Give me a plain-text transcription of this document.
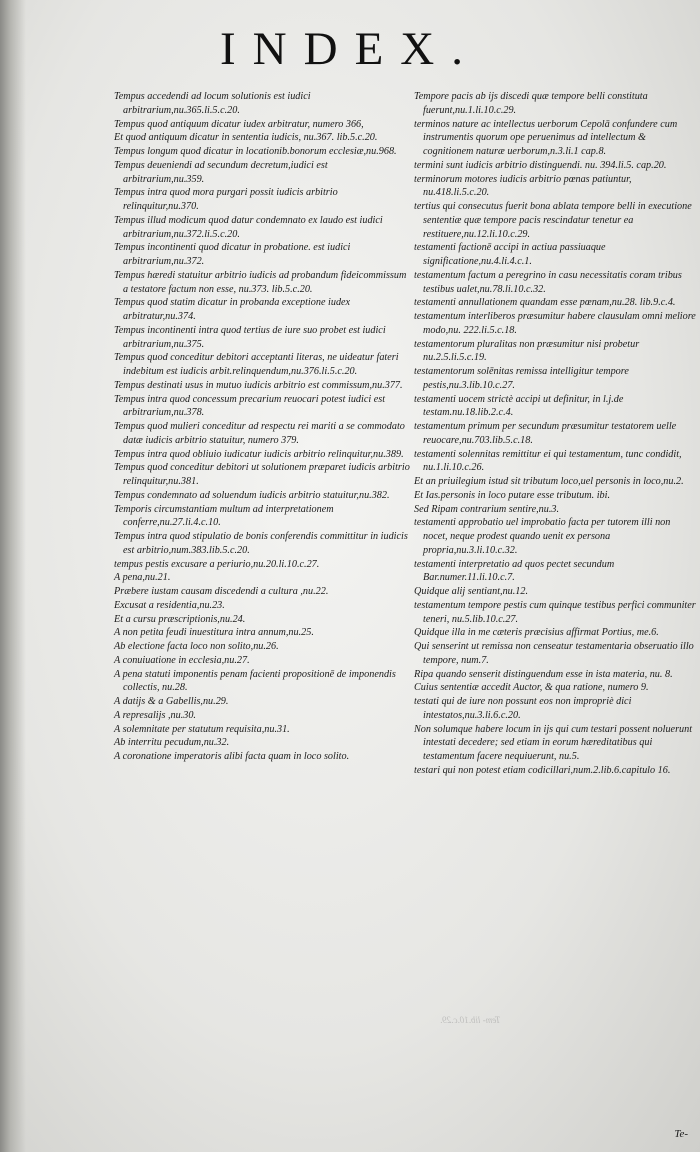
INDEX.

Tempus accedendi ad locum solutionis est iudici arbitrarium,nu.365.li.5.c.20.

Tempus quod antiquum dicatur iudex arbitratur, numero 366,

Et quod antiquum dicatur in sententia iudicis, nu.367. lib.5.c.20.

Tempus longum quod dicatur in locationib.bonorum ecclesiæ,nu.968.

Tempus deueniendi ad secundum decretum,iudici est arbitrarium,nu.359.

Tempus intra quod mora purgari possit iudicis arbitrio relinquitur,nu.370.

Tempus illud modicum quod datur condemnato ex laudo est iudici arbitrarium,nu.372.li.5.c.20.

Tempus incontinenti quod dicatur in probatione. est iudici arbitrarium,nu.372.

Tempus hæredi statuitur arbitrio iudicis ad probandum fideicommissum a testatore factum non esse, nu.373. lib.5.c.20.

Tempus quod statim dicatur in probanda exceptione iudex arbitratur,nu.374.

Tempus incontinenti intra quod tertius de iure suo probet est iudici arbitrarium,nu.375.

Tempus quod conceditur debitori acceptanti literas, ne uideatur fateri indebitum est iudicis arbit.relinquendum,nu.376.li.5.c.20.

Tempus destinati usus in mutuo iudicis arbitrio est commissum,nu.377.

Tempus intra quod concessum precarium reuocari potest iudici est arbitrarium,nu.378.

Tempus quod mulieri conceditur ad respectu rei mariti a se commodato datæ iudicis arbitrio statuitur, numero 379.

Tempus intra quod obliuio iudicatur iudicis arbitrio relinquitur,nu.389.

Tempus quod conceditur debitori ut solutionem præparet iudicis arbitrio relinquitur,nu.381.

Tempus condemnato ad soluendum iudicis arbitrio statuitur,nu.382.

Temporis circumstantiam multum ad interpretationem conferre,nu.27.li.4.c.10.

Tempus intra quod stipulatio de bonis conferendis committitur in iudicis est arbitrio,num.383.lib.5.c.20.

tempus pestis excusare a periurio,nu.20.li.10.c.27.

A pena,nu.21.

Præbere iustam causam discedendi a cultura ,nu.22.

Excusat a residentia,nu.23.

Et a cursu præscriptionis,nu.24.

A non petita feudi inuestitura intra annum,nu.25.

Ab electione facta loco non solito,nu.26.

A conuiuatione in ecclesia,nu.27.

A pena statuti imponentis penam facienti propositionē de imponendis collectis, nu.28.

A datijs & a Gabellis,nu.29.

A represalijs ,nu.30.

A solemnitate per statutum requisita,nu.31.

Ab interritu pecudum,nu.32.

A coronatione imperatoris alibi facta quam in loco solito.

Tempore pacis ab ijs discedi quæ tempore belli constituta fuerunt,nu.1.li.10.c.29.

terminos nature ac intellectus uerborum Cepolā confundere cum instrumentis quorum ope peruenimus ad intellectum & cognitionem naturæ uerborum,n.3.li.1 cap.8.

termini sunt iudicis arbitrio distinguendi. nu. 394.li.5. cap.20.

terminorum motores iudicis arbitrio pœnas patiuntur, nu.418.li.5.c.20.

tertius qui consecutus fuerit bona ablata tempore belli in executione sententiæ quæ tempore pacis rescindatur tenetur ea restituere,nu.12.li.10.c.29.

testamenti factionē accipi in actiua passiuaque significatione,nu.4.li.4.c.1.

testamentum factum a peregrino in casu necessitatis coram tribus testibus ualet,nu.78.li.10.c.32.

testamenti annullationem quandam esse pœnam,nu.28. lib.9.c.4.

testamentum interliberos præsumitur habere clausulam omni meliore modo,nu. 222.li.5.c.18.

testamentorum pluralitas non præsumitur nisi probetur nu.2.5.li.5.c.19.

testamentorum solēnitas remissa intelligitur tempore pestis,nu.3.lib.10.c.27.

testamenti uocem strictè accipi ut definitur, in l.j.de testam.nu.18.lib.2.c.4.

testamentum primum per secundum præsumitur testatorem uelle reuocare,nu.703.lib.5.c.18.

testamenti solennitas remittitur ei qui testamentum, tunc condidit, nu.1.li.10.c.26.

Et an priuilegium istud sit tributum loco,uel personis in loco,nu.2.

Et Ias.personis in loco putare esse tributum. ibi.

Sed Ripam contrarium sentire,nu.3.

testamenti approbatio uel improbatio facta per tutorem illi non nocet, neque prodest quando uenit ex persona propria,nu.3.li.10.c.32.

testamenti interpretatio ad quos pectet secundum Bar.numer.11.li.10.c.7.

Quidque alij sentiant,nu.12.

testamentum tempore pestis cum quinque testibus perfici communiter teneri, nu.5.lib.10.c.27.

Quidque illa in me cæteris præcisius affirmat Portius, me.6.

Qui senserint ut remissa non censeatur testamentaria obseruatio illo tempore, num.7.

Ripa quando senserit distinguendum esse in ista materia, nu. 8.

Cuius sententiæ accedit Auctor, & qua ratione, numero 9.

testati qui de iure non possunt eos non impropriè dici intestatos,nu.3.li.6.c.20.

Non solumque habere locum in ijs qui cum testari possent noluerunt intestati decedere; sed etiam in eorum hæreditatibus qui testamentum facere nequiuerunt, nu.5.

testari qui non potest etiam codicillari,num.2.lib.6.capitulo 16.

Tem- lib.10.c.29.
Te-
